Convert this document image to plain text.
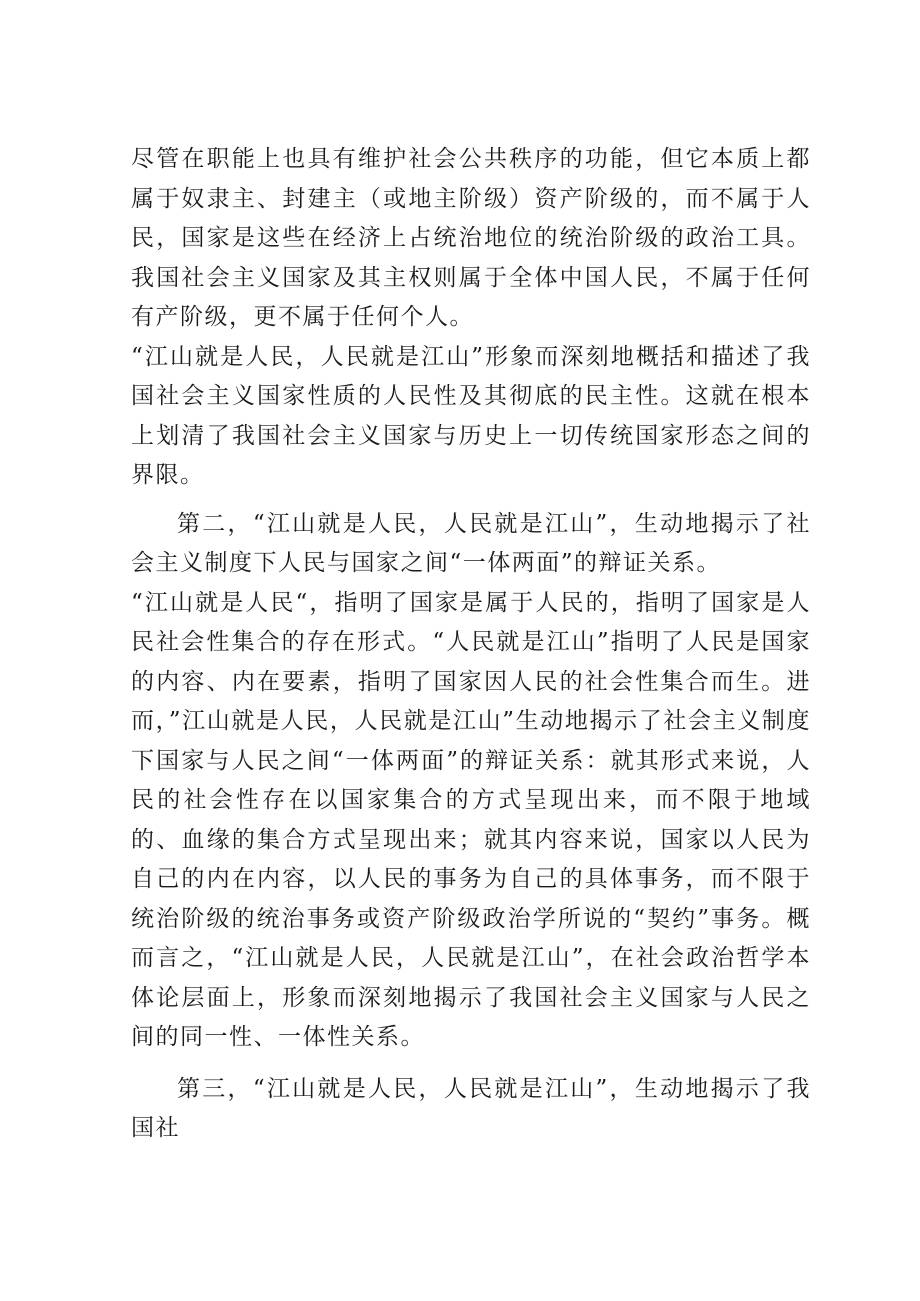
尽管在职能上也具有维护社会公共秩序的功能，但它本质上都属于奴隶主、封建主（或地主阶级）资产阶级的，而不属于人民，国家是这些在经济上占统治地位的统治阶级的政治工具。我国社会主义国家及其主权则属于全体中国人民，不属于任何有产阶级，更不属于任何个人。

“江山就是人民，人民就是江山”形象而深刻地概括和描述了我国社会主义国家性质的人民性及其彻底的民主性。这就在根本上划清了我国社会主义国家与历史上一切传统国家形态之间的界限。

第二，“江山就是人民，人民就是江山”，生动地揭示了社会主义制度下人民与国家之间“一体两面”的辩证关系。

“江山就是人民“，指明了国家是属于人民的，指明了国家是人民社会性集合的存在形式。“人民就是江山”指明了人民是国家的内容、内在要素，指明了国家因人民的社会性集合而生。进而，”江山就是人民，人民就是江山”生动地揭示了社会主义制度下国家与人民之间“一体两面”的辩证关系：就其形式来说，人民的社会性存在以国家集合的方式呈现出来，而不限于地域的、血缘的集合方式呈现出来；就其内容来说，国家以人民为自己的内在内容，以人民的事务为自己的具体事务，而不限于统治阶级的统治事务或资产阶级政治学所说的“契约”事务。概而言之，“江山就是人民，人民就是江山”，在社会政治哲学本体论层面上，形象而深刻地揭示了我国社会主义国家与人民之间的同一性、一体性关系。

第三，“江山就是人民，人民就是江山”，生动地揭示了我国社
